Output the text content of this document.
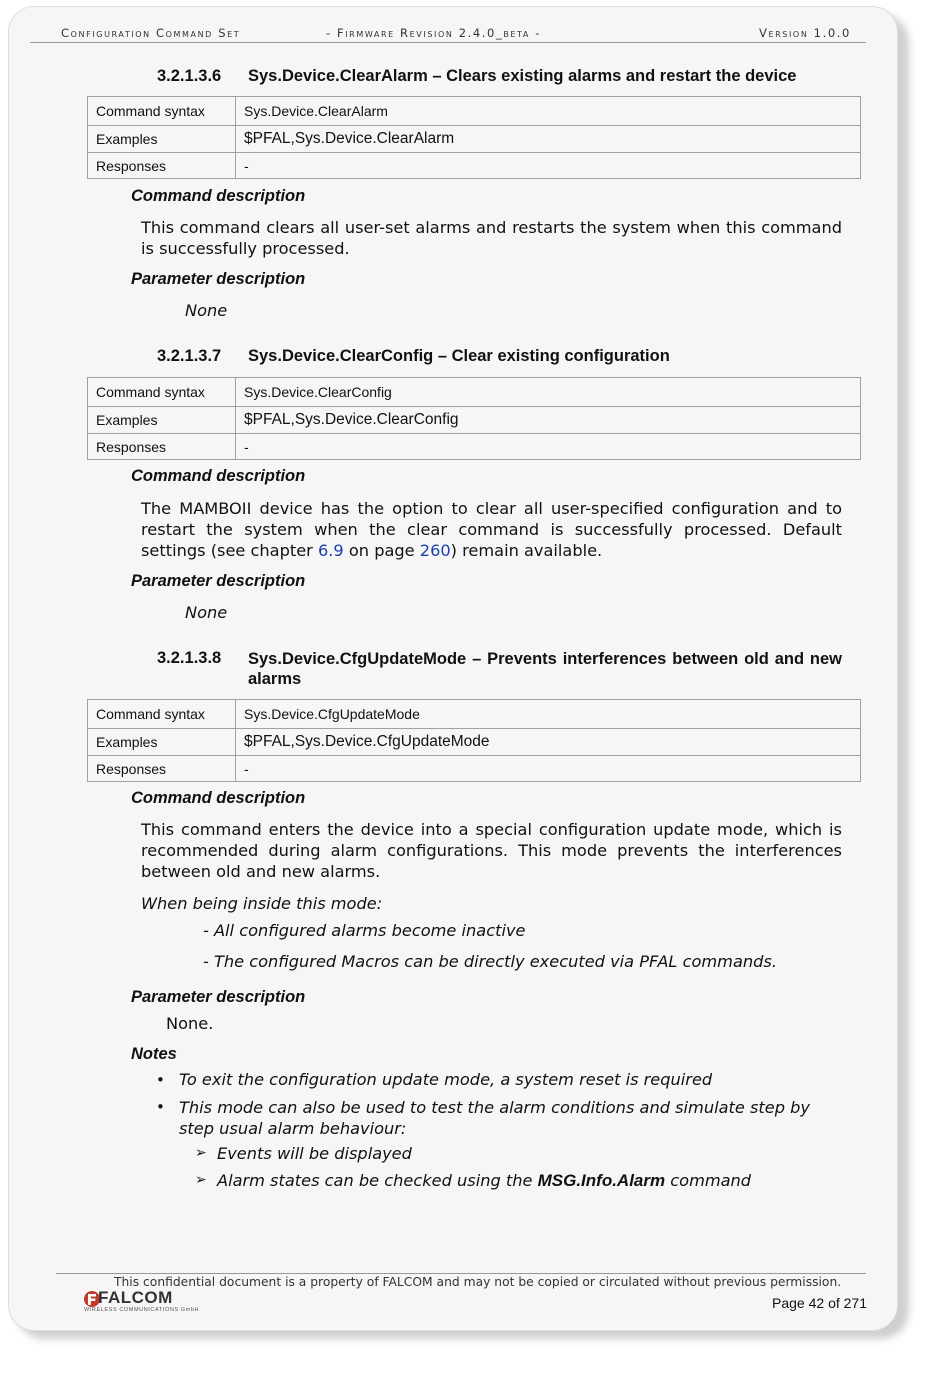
Configuration Command Set	- Firmware Revision 2.4.0_beta -	Version 1.0.0
3.2.1.3.6	Sys.Device.ClearAlarm – Clears existing alarms and restart the device
Command syntax	Sys.Device.ClearAlarm
Examples	$PFAL,Sys.Device.ClearAlarm
Responses	-
Command description
This command clears all user-set alarms and restarts the system when this command is successfully processed.
Parameter description
None
3.2.1.3.7	Sys.Device.ClearConfig – Clear existing configuration
Command syntax	Sys.Device.ClearConfig
Examples	$PFAL,Sys.Device.ClearConfig
Responses	-
Command description
The MAMBOII device has the option to clear all user-specified configuration and to restart the system when the clear command is successfully processed. Default settings (see chapter 6.9 on page 260) remain available.
Parameter description
None
3.2.1.3.8	Sys.Device.CfgUpdateMode – Prevents interferences between old and new alarms
Command syntax	Sys.Device.CfgUpdateMode
Examples	$PFAL,Sys.Device.CfgUpdateMode
Responses	-
Command description
This command enters the device into a special configuration update mode, which is recommended during alarm configurations. This mode prevents the interferences between old and new alarms.
When being inside this mode:
- All configured alarms become inactive
- The configured Macros can be directly executed via PFAL commands.
Parameter description
None.
Notes
• To exit the configuration update mode, a system reset is required
• This mode can also be used to test the alarm conditions and simulate step by step usual alarm behaviour:
➢ Events will be displayed
➢ Alarm states can be checked using the MSG.Info.Alarm command
This confidential document is a property of FALCOM and may not be copied or circulated without previous permission.
FALCOM
WIRELESS COMMUNICATIONS GmbH	Page 42 of 271
